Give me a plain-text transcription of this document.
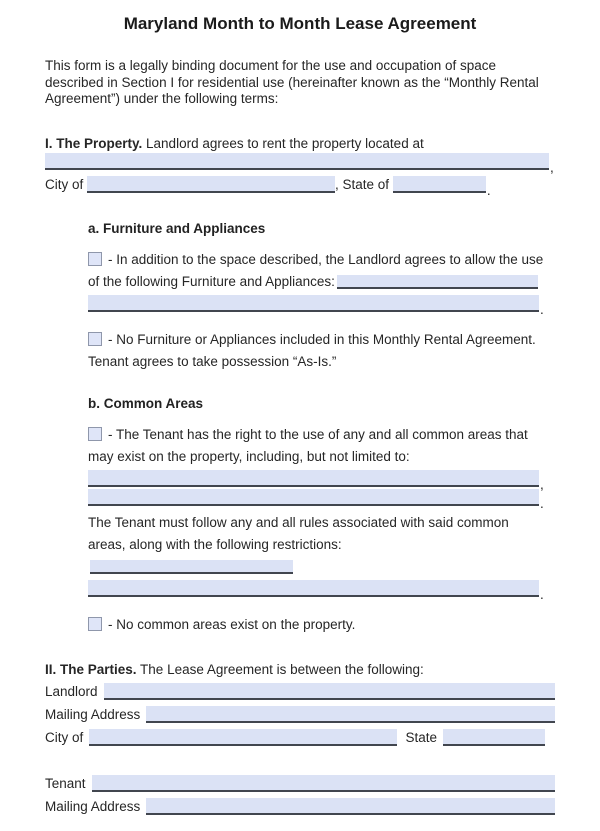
Maryland Month to Month Lease Agreement

This form is a legally binding document for the use and occupation of space described in Section I for residential use (hereinafter known as the “Monthly Rental Agreement”) under the following terms:

I. The Property. Landlord agrees to rent the property located at

,
City of	, State of	.
a. Furniture and Appliances

- In addition to the space described, the Landlord agrees to allow the use of the following Furniture and Appliances:

.

- No Furniture or Appliances included in this Monthly Rental Agreement. Tenant agrees to take possession “As-Is.”

b. Common Areas

- The Tenant has the right to the use of any and all common areas that may exist on the property, including, but not limited to:

,
.

The Tenant must follow any and all rules associated with said common areas, along with the following restrictions:

.

- No common areas exist on the property.

II. The Parties. The Lease Agreement is between the following:

Landlord
Mailing Address
City of	State
Tenant
Mailing Address
